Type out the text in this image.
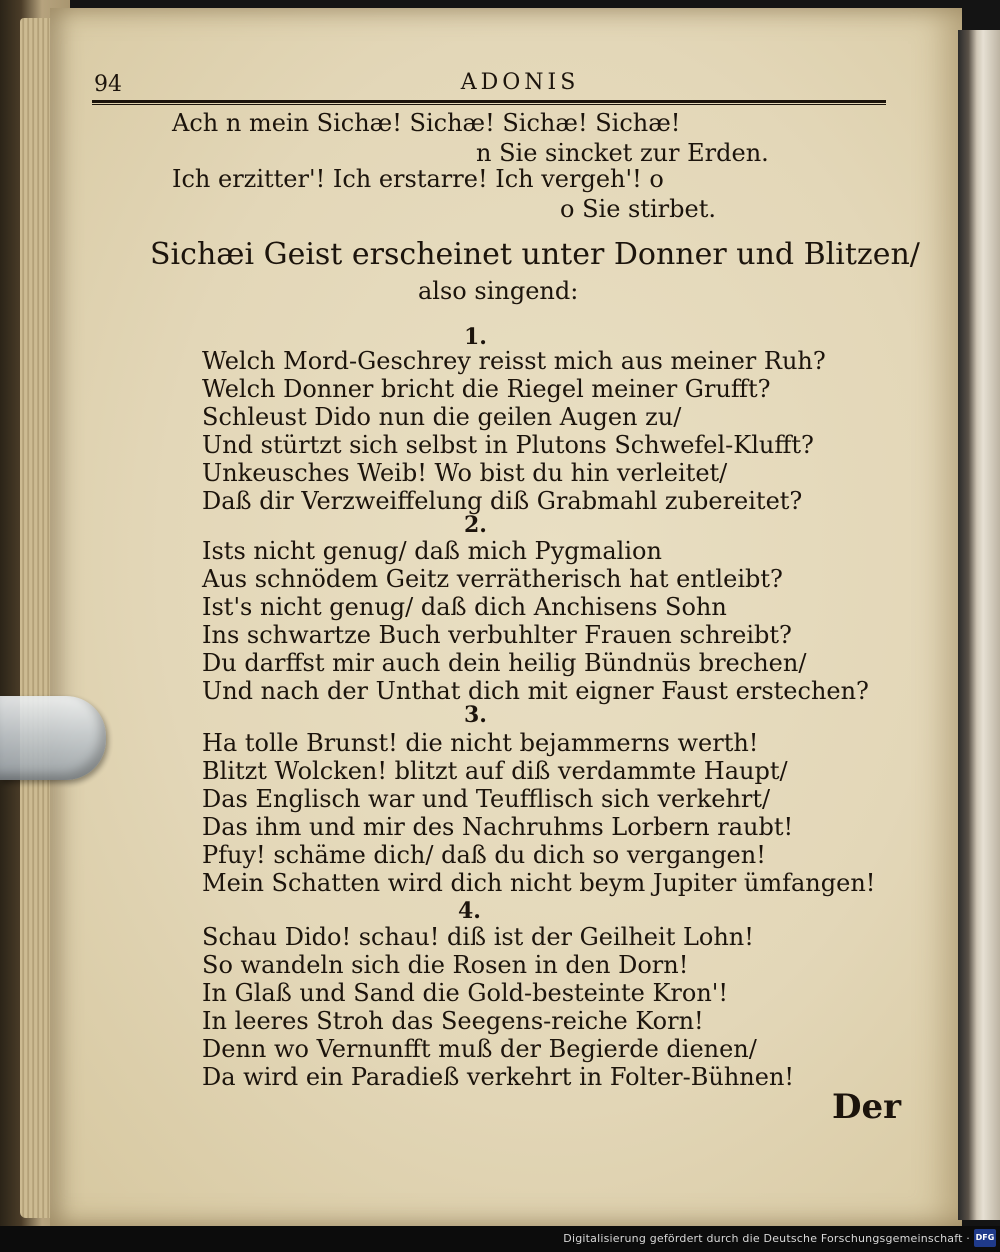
94	ADONIS
Ach n mein Sichæ! Sichæ! Sichæ! Sichæ!
n Sie sincket zur Erden.
Ich erzitter'! Ich erstarre! Ich vergeh'! o
o Sie stirbet.
Sichæi Geist erscheinet unter Donner und Blitzen/
also singend:
1.
Welch Mord-Geschrey reisst mich aus meiner Ruh?
Welch Donner bricht die Riegel meiner Grufft?
Schleust Dido nun die geilen Augen zu/
Und stürtzt sich selbst in Plutons Schwefel-Klufft?
Unkeusches Weib! Wo bist du hin verleitet/
Daß dir Verzweiffelung diß Grabmahl zubereitet?
2.
Ists nicht genug/ daß mich Pygmalion
Aus schnödem Geitz verrätherisch hat entleibt?
Ist's nicht genug/ daß dich Anchisens Sohn
Ins schwartze Buch verbuhlter Frauen schreibt?
Du darffst mir auch dein heilig Bündnüs brechen/
Und nach der Unthat dich mit eigner Faust erstechen?
3.
Ha tolle Brunst! die nicht bejammerns werth!
Blitzt Wolcken! blitzt auf diß verdammte Haupt/
Das Englisch war und Teufflisch sich verkehrt/
Das ihm und mir des Nachruhms Lorbern raubt!
Pfuy! schäme dich/ daß du dich so vergangen!
Mein Schatten wird dich nicht beym Jupiter ümfangen!
4.
Schau Dido! schau! diß ist der Geilheit Lohn!
So wandeln sich die Rosen in den Dorn!
In Glaß und Sand die Gold-besteinte Kron'!
In leeres Stroh das Seegens-reiche Korn!
Denn wo Vernunfft muß der Begierde dienen/
Da wird ein Paradieß verkehrt in Folter-Bühnen!
Der
Digitalisierung gefördert durch die Deutsche Forschungsgemeinschaft · DFG
